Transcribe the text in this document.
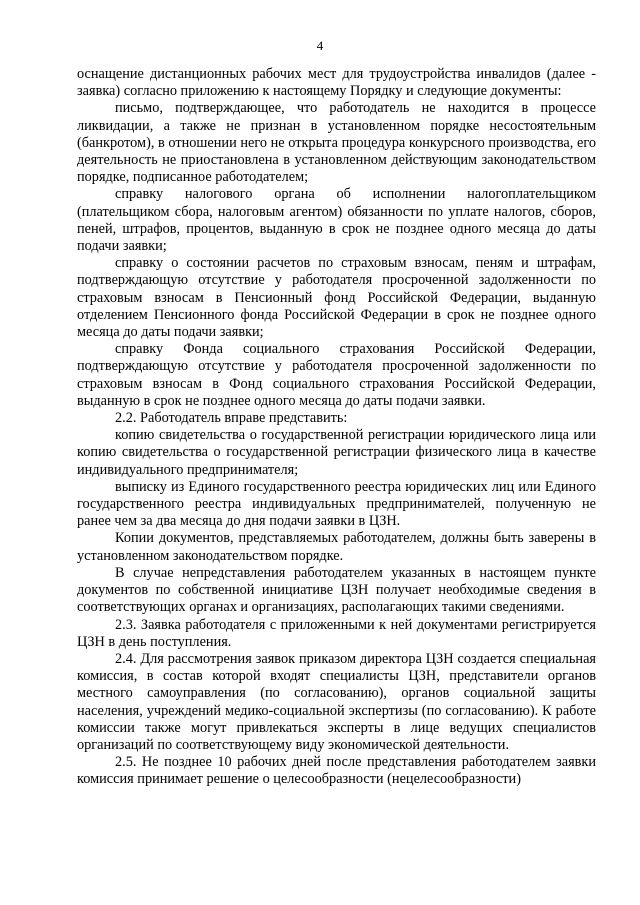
4

оснащение дистанционных рабочих мест для трудоустройства инвалидов (далее - заявка) согласно приложению к настоящему Порядку и следующие документы:

письмо, подтверждающее, что работодатель не находится в процессе ликвидации, а также не признан в установленном порядке несостоятельным (банкротом), в отношении него не открыта процедура конкурсного производства, его деятельность не приостановлена в установленном действующим законодательством порядке, подписанное работодателем;

справку налогового органа об исполнении налогоплательщиком (плательщиком сбора, налоговым агентом) обязанности по уплате налогов, сборов, пеней, штрафов, процентов, выданную в срок не позднее одного месяца до даты подачи заявки;

справку о состоянии расчетов по страховым взносам, пеням и штрафам, подтверждающую отсутствие у работодателя просроченной задолженности по страховым взносам в Пенсионный фонд Российской Федерации, выданную отделением Пенсионного фонда Российской Федерации в срок не позднее одного месяца до даты подачи заявки;

справку Фонда социального страхования Российской Федерации, подтверждающую отсутствие у работодателя просроченной задолженности по страховым взносам в Фонд социального страхования Российской Федерации, выданную в срок не позднее одного месяца до даты подачи заявки.

2.2. Работодатель вправе представить:

копию свидетельства о государственной регистрации юридического лица или копию свидетельства о государственной регистрации физического лица в качестве индивидуального предпринимателя;

выписку из Единого государственного реестра юридических лиц или Единого государственного реестра индивидуальных предпринимателей, полученную не ранее чем за два месяца до дня подачи заявки в ЦЗН.

Копии документов, представляемых работодателем, должны быть заверены в установленном законодательством порядке.

В случае непредставления работодателем указанных в настоящем пункте документов по собственной инициативе ЦЗН получает необходимые сведения в соответствующих органах и организациях, располагающих такими сведениями.

2.3. Заявка работодателя с приложенными к ней документами регистрируется ЦЗН в день поступления.

2.4. Для рассмотрения заявок приказом директора ЦЗН создается специальная комиссия, в состав которой входят специалисты ЦЗН, представители органов местного самоуправления (по согласованию), органов социальной защиты населения, учреждений медико-социальной экспертизы (по согласованию). К работе комиссии также могут привлекаться эксперты в лице ведущих специалистов организаций по соответствующему виду экономической деятельности.

2.5. Не позднее 10 рабочих дней после представления работодателем заявки комиссия принимает решение о целесообразности (нецелесообразности)
